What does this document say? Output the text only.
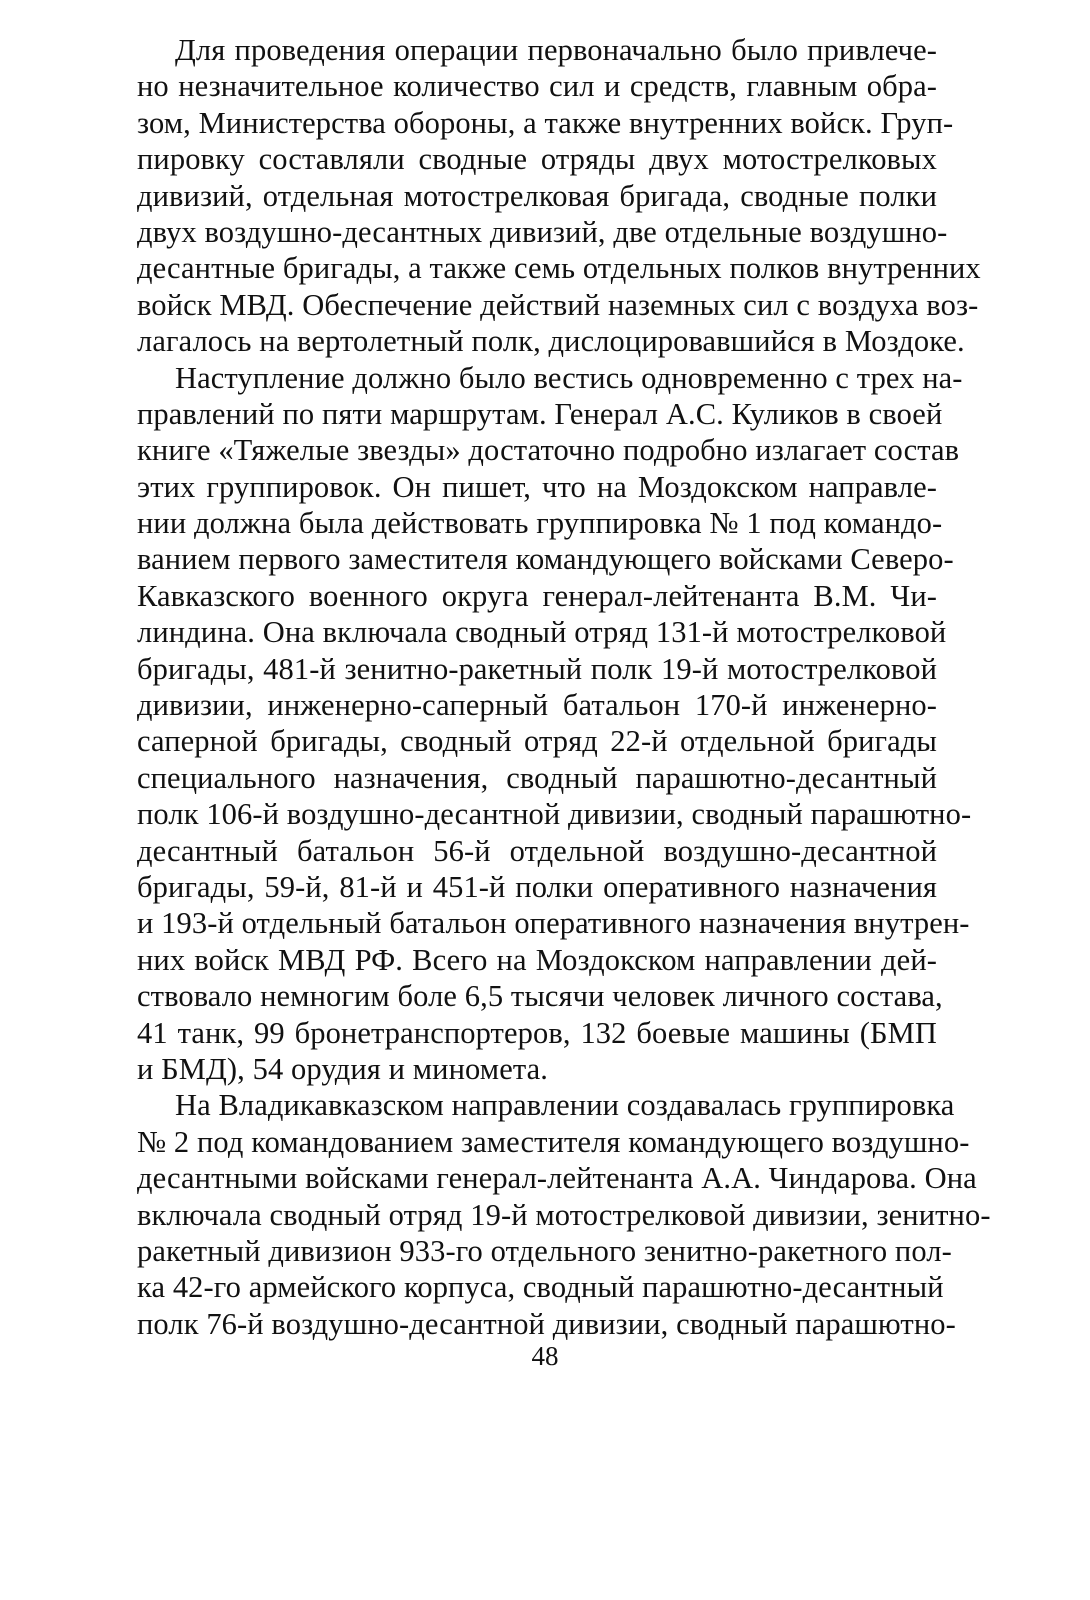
Для проведения операции первоначально было привлече-
но незначительное количество сил и средств, главным обра-
зом, Министерства обороны, а также внутренних войск. Груп-
пировку составляли сводные отряды двух мотострелковых
дивизий, отдельная мотострелковая бригада, сводные полки
двух воздушно-десантных дивизий, две отдельные воздушно-
десантные бригады, а также семь отдельных полков внутренних
войск МВД. Обеспечение действий наземных сил с воздуха воз-
лагалось на вертолетный полк, дислоцировавшийся в Моздоке.
Наступление должно было вестись одновременно с трех на-
правлений по пяти маршрутам. Генерал А.С. Куликов в своей
книге «Тяжелые звезды» достаточно подробно излагает состав
этих группировок. Он пишет, что на Моздокском направле-
нии должна была действовать группировка № 1 под командо-
ванием первого заместителя командующего войсками Северо-
Кавказского военного округа генерал-лейтенанта В.М. Чи-
линдина. Она включала сводный отряд 131-й мотострелковой
бригады, 481-й зенитно-ракетный полк 19-й мотострелковой
дивизии, инженерно-саперный батальон 170-й инженерно-
саперной бригады, сводный отряд 22-й отдельной бригады
специального назначения, сводный парашютно-десантный
полк 106-й воздушно-десантной дивизии, сводный парашютно-
десантный батальон 56-й отдельной воздушно-десантной
бригады, 59-й, 81-й и 451-й полки оперативного назначения
и 193-й отдельный батальон оперативного назначения внутрен-
них войск МВД РФ. Всего на Моздокском направлении дей-
ствовало немногим боле 6,5 тысячи человек личного состава,
41 танк, 99 бронетранспортеров, 132 боевые машины (БМП
и БМД), 54 орудия и миномета.
На Владикавказском направлении создавалась группировка
№ 2 под командованием заместителя командующего воздушно-
десантными войсками генерал-лейтенанта А.А. Чиндарова. Она
включала сводный отряд 19-й мотострелковой дивизии, зенитно-
ракетный дивизион 933-го отдельного зенитно-ракетного пол-
ка 42-го армейского корпуса, сводный парашютно-десантный
полк 76-й воздушно-десантной дивизии, сводный парашютно-
48
